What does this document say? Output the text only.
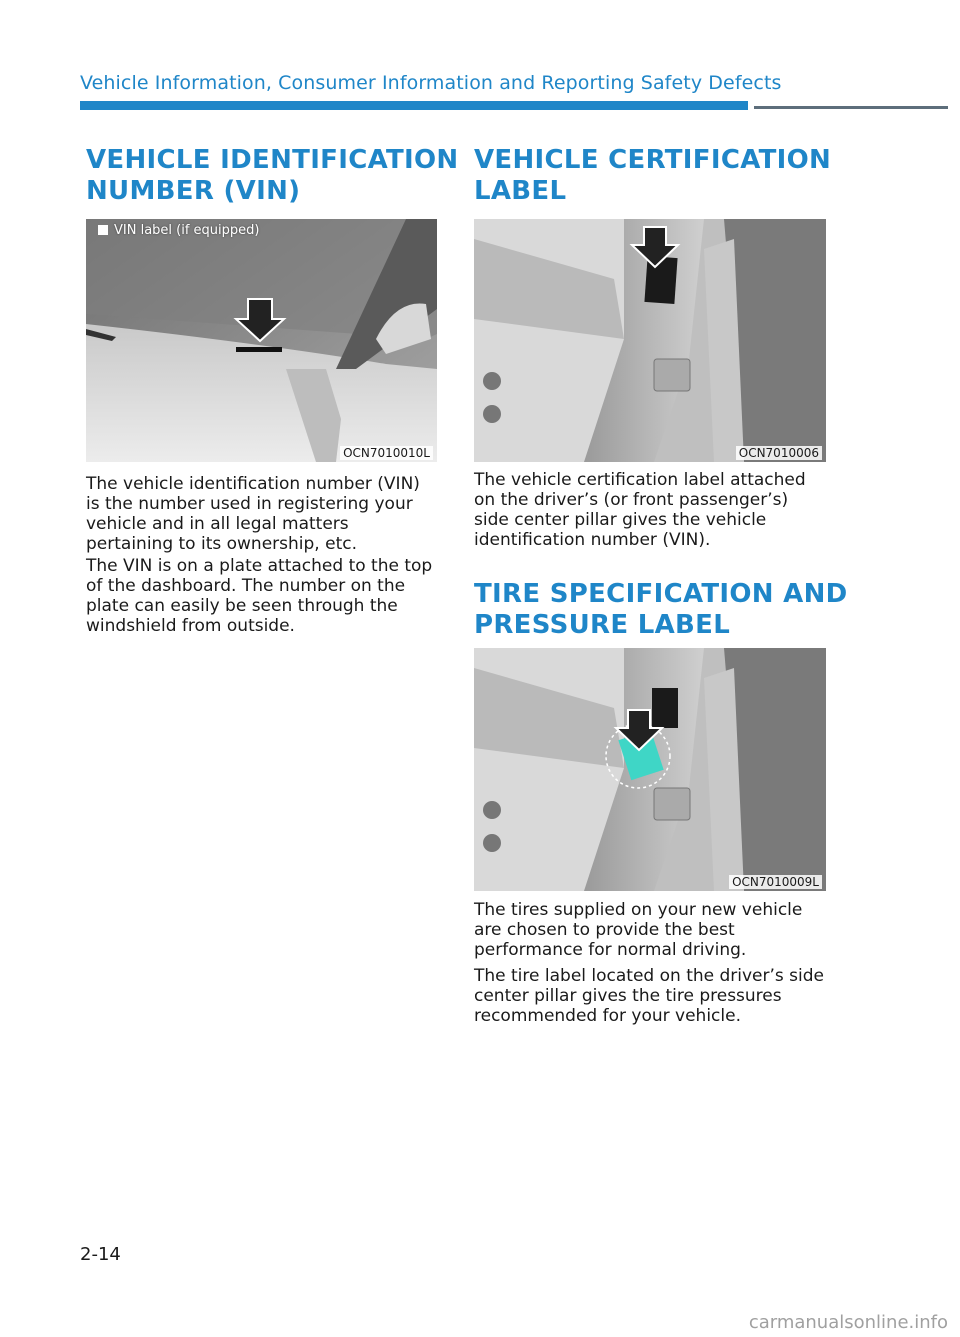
Vehicle Information, Consumer Information and Reporting Safety Defects
VEHICLE IDENTIFICATION
NUMBER (VIN)
VIN label (if equipped)
OCN7010010L

The vehicle identification number (VIN) is the number used in registering your vehicle and in all legal matters pertaining to its ownership, etc.

The VIN is on a plate attached to the top of the dashboard. The number on the plate can easily be seen through the windshield from outside.

VEHICLE CERTIFICATION
LABEL
OCN7010006

The vehicle certification label attached on the driver’s (or front passenger’s) side center pillar gives the vehicle identification number (VIN).

TIRE SPECIFICATION AND
PRESSURE LABEL
OCN7010009L

The tires supplied on your new vehicle are chosen to provide the best performance for normal driving.

The tire label located on the driver’s side center pillar gives the tire pressures recommended for your vehicle.

2-14
carmanualsonline.info
